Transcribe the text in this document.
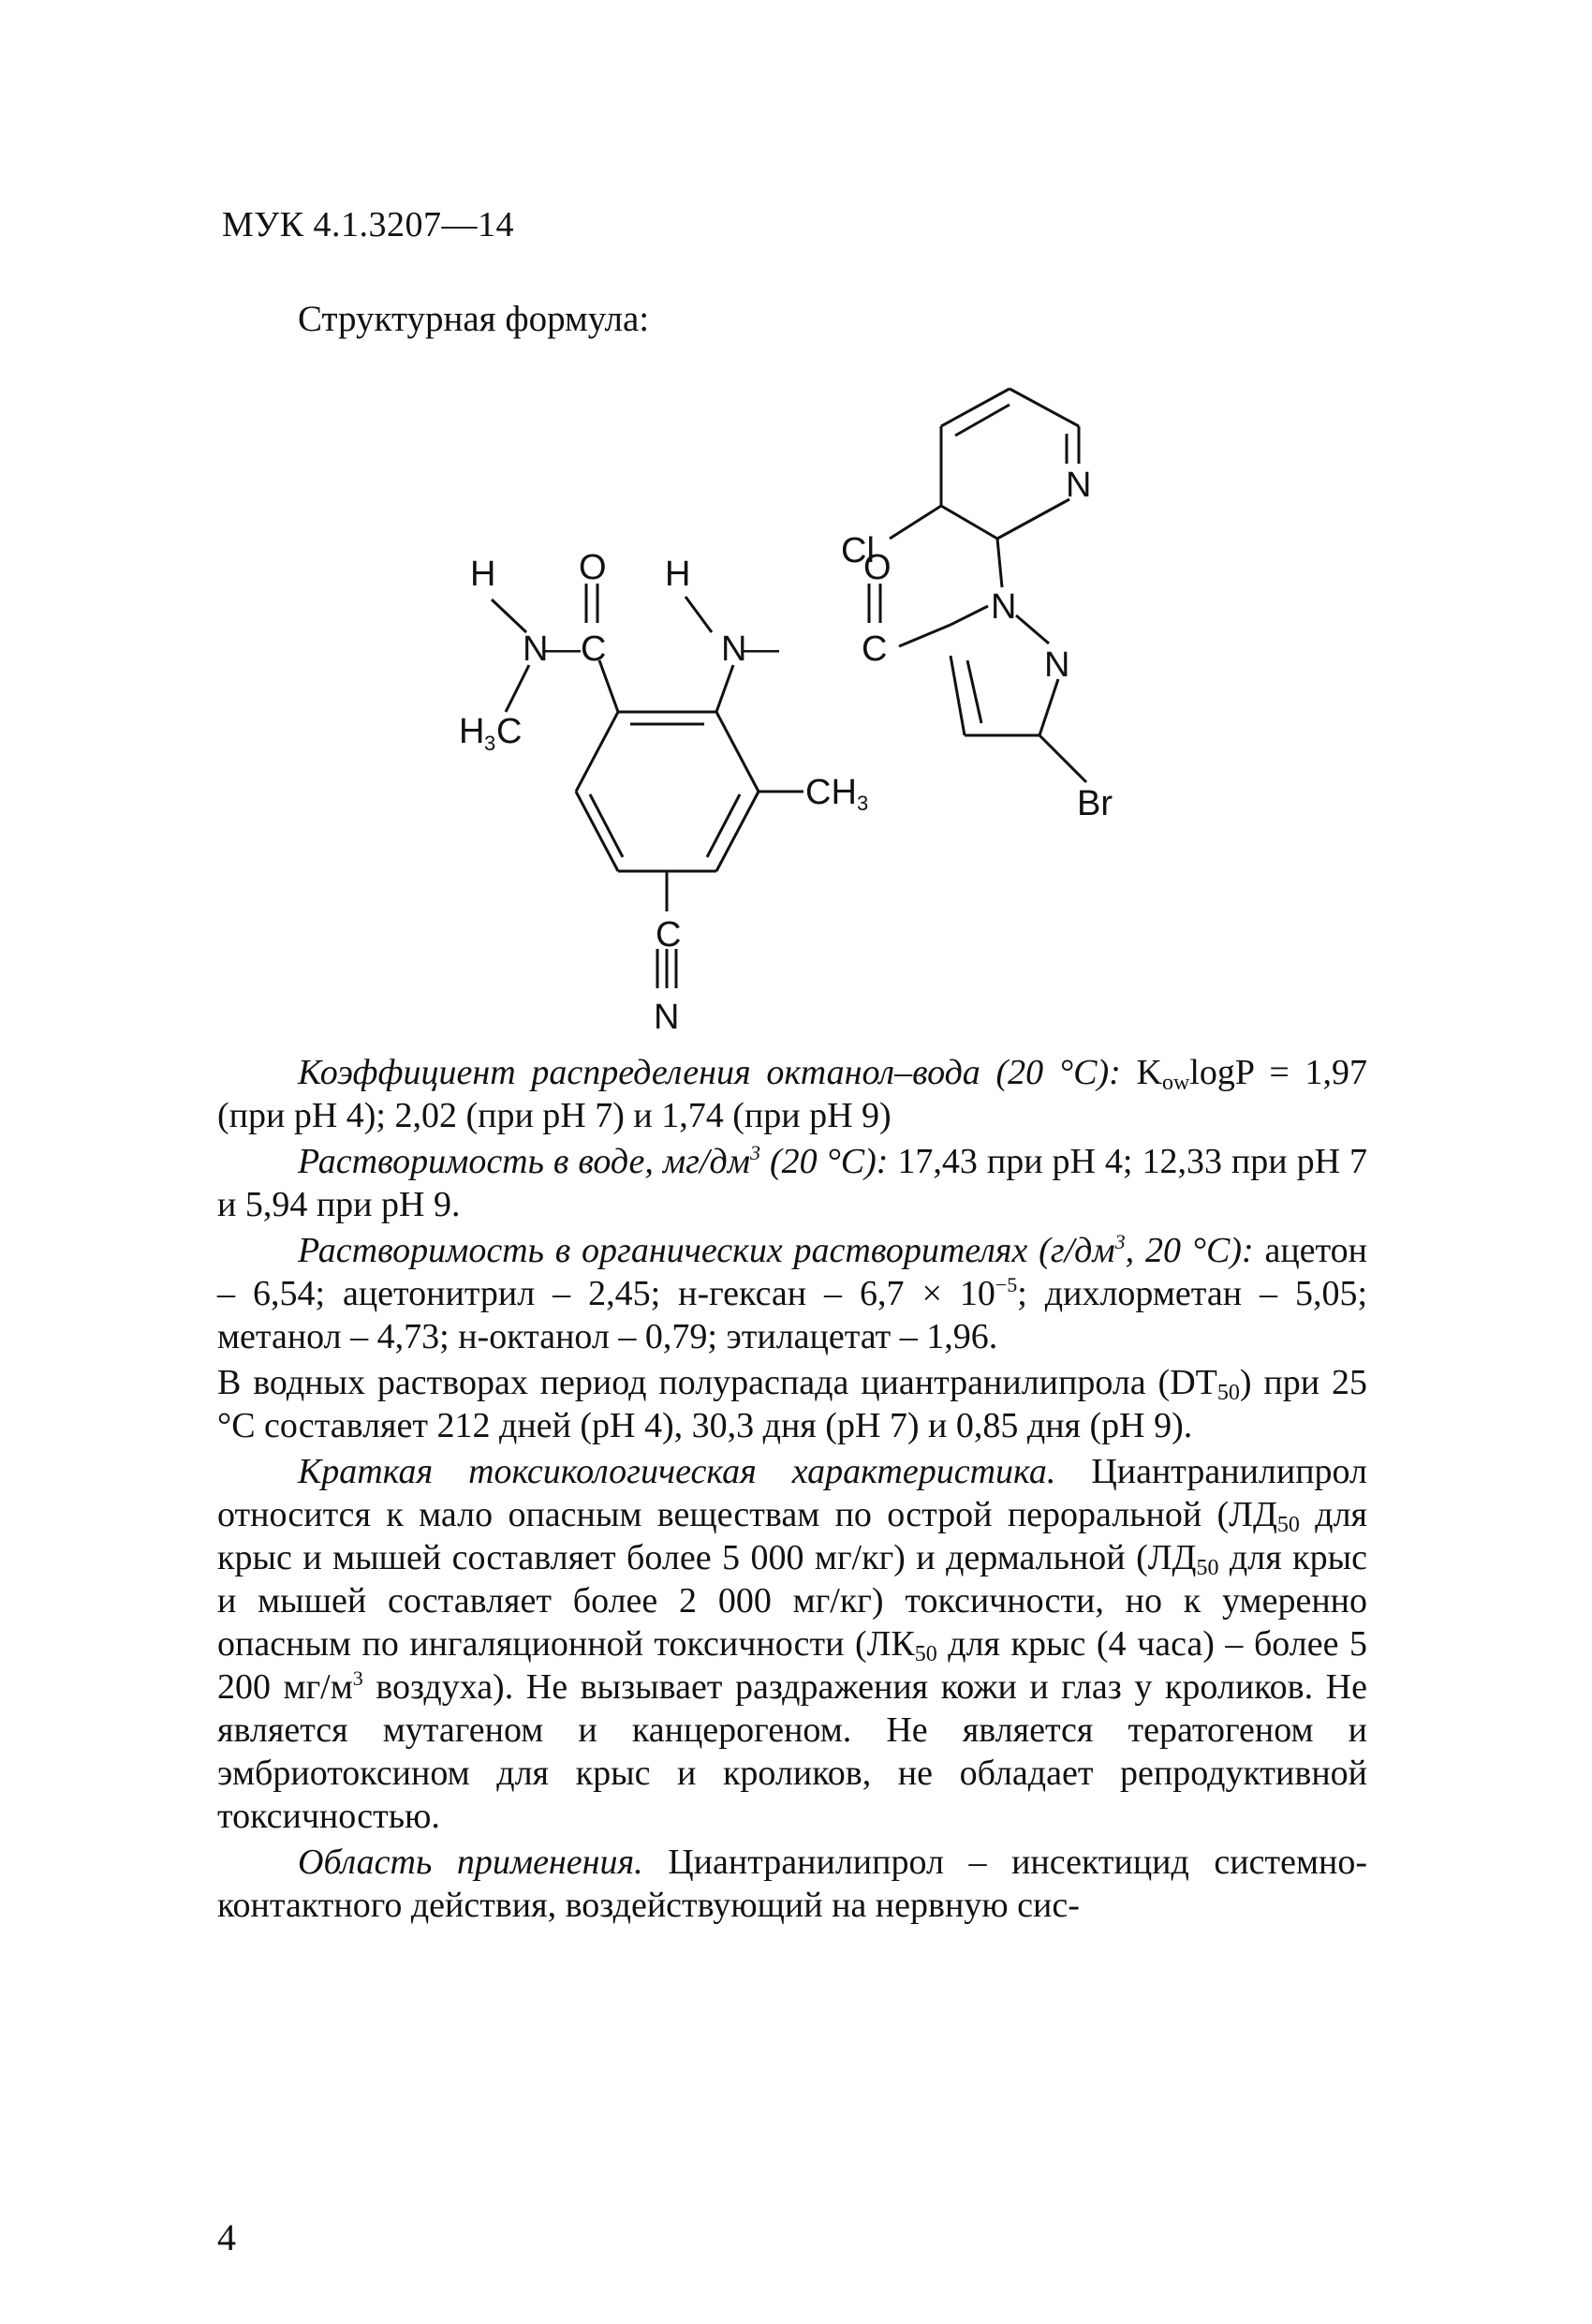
МУК 4.1.3207—14
Структурная формула:
H O
N
— C
H 3 C
H	O
N
— C
Cl
N
N
N
CH 3	Br
C
N

Коэффициент распределения октанол–вода (20 °С): $K_{ow}\log P = 1,97$ (при рН 4); 2,02 (при рН 7) и 1,74 (при рН 9)

Растворимость в воде, $мг/дм^3$ (20 °С): 17,43 при рН 4; 12,33 при рН 7 и 5,94 при рН 9.

Растворимость в органических растворителях ($г/дм^3$, 20 °С): ацетон – 6,54; ацетонитрил – 2,45; н-гексан – $6,7 \times 10^{-5}$; дихлорметан – 5,05; метанол – 4,73; н-октанол – 0,79; этилацетат – 1,96.

В водных растворах период полураспада циантранилипрола $(DT_{50})$ при 25 °С составляет 212 дней (рН 4), 30,3 дня (рН 7) и 0,85 дня (рН 9).

Краткая токсикологическая характеристика. Циантранилипрол относится к мало опасным веществам по острой пероральной ($ЛД_{50}$ для крыс и мышей составляет более 5 000 мг/кг) и дермальной ($ЛД_{50}$ для крыс и мышей составляет более 2 000 мг/кг) токсичности, но к умеренно опасным по ингаляционной токсичности ($ЛК_{50}$ для крыс (4 часа) – более 5 200 $мг/м^3$ воздуха). Не вызывает раздражения кожи и глаз у кроликов. Не является мутагеном и канцерогеном. Не является тератогеном и эмбриотоксином для крыс и кроликов, не обладает репродуктивной токсичностью.

Область применения. Циантранилипрол – инсектицид системно-контактного действия, воздействующий на нервную сис-

4
